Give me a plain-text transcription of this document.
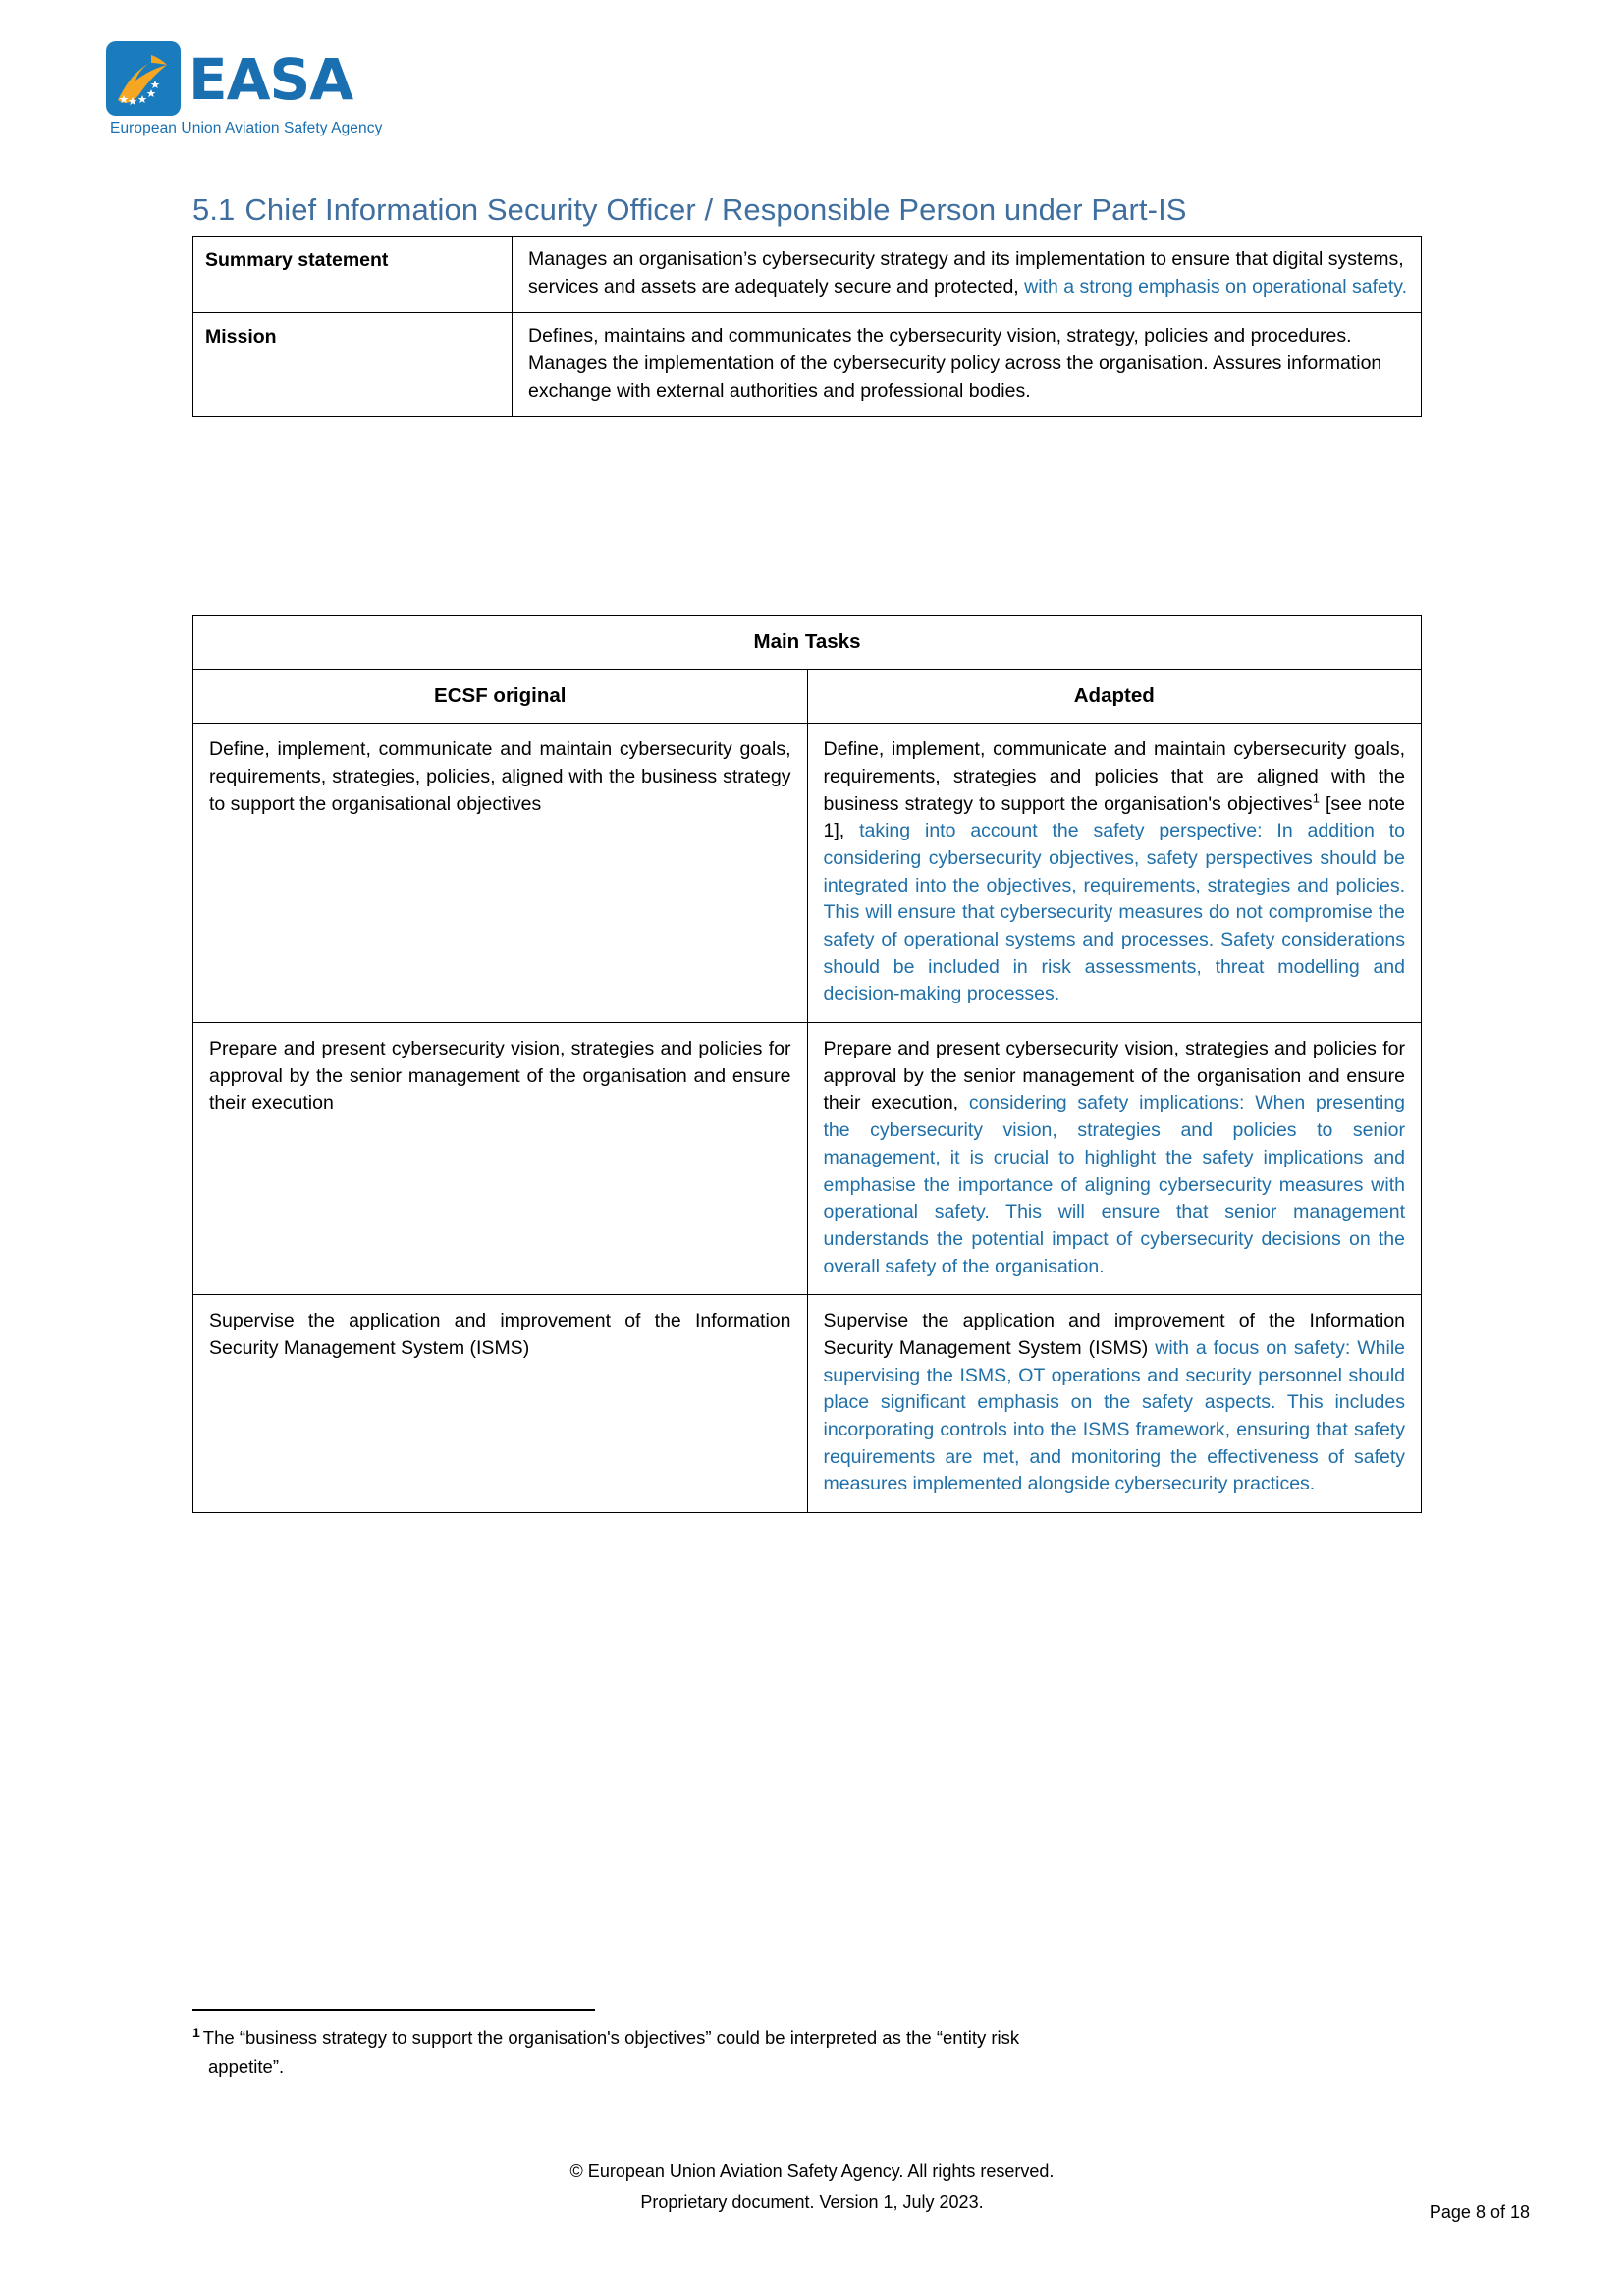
EASA
European Union Aviation Safety Agency
5.1 Chief Information Security Officer / Responsible Person under Part-IS
Summary statement	Manages an organisation’s cybersecurity strategy and its implementation to ensure that digital systems, services and assets are adequately secure and protected, with a strong emphasis on operational safety.
Mission	Defines, maintains and communicates the cybersecurity vision, strategy, policies and procedures. Manages the implementation of the cybersecurity policy across the organisation. Assures information exchange with external authorities and professional bodies.
Main Tasks	
ECSF original	Adapted
Define, implement, communicate and maintain cybersecurity goals, requirements, strategies, policies, aligned with the business strategy to support the organisational objectives	Define, implement, communicate and maintain cybersecurity goals, requirements, strategies and policies that are aligned with the business strategy to support the organisation's objectives$^1$ [see note 1], taking into account the safety perspective: In addition to considering cybersecurity objectives, safety perspectives should be integrated into the objectives, requirements, strategies and policies. This will ensure that cybersecurity measures do not compromise the safety of operational systems and processes. Safety considerations should be included in risk assessments, threat modelling and decision-making processes.
Prepare and present cybersecurity vision, strategies and policies for approval by the senior management of the organisation and ensure their execution	Prepare and present cybersecurity vision, strategies and policies for approval by the senior management of the organisation and ensure their execution, considering safety implications: When presenting the cybersecurity vision, strategies and policies to senior management, it is crucial to highlight the safety implications and emphasise the importance of aligning cybersecurity measures with operational safety. This will ensure that senior management understands the potential impact of cybersecurity decisions on the overall safety of the organisation.
Supervise the application and improvement of the Information Security Management System (ISMS)	Supervise the application and improvement of the Information Security Management System (ISMS) with a focus on safety: While supervising the ISMS, OT operations and security personnel should place significant emphasis on the safety aspects. This includes incorporating controls into the ISMS framework, ensuring that safety requirements are met, and monitoring the effectiveness of safety measures implemented alongside cybersecurity practices.
$^1$ The “business strategy to support the organisation's objectives” could be interpreted as the “entity risk
appetite”.
© European Union Aviation Safety Agency. All rights reserved.
Proprietary document. Version 1, July 2023.
Page 8 of 18
